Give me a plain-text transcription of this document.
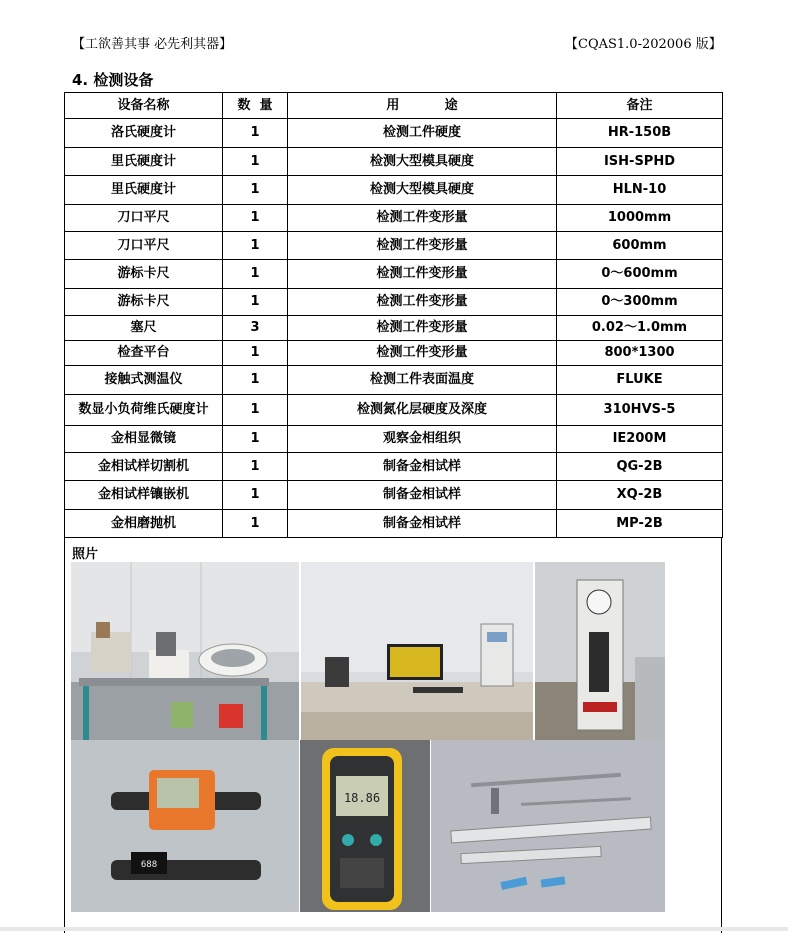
【工欲善其事 必先利其器】	【CQAS1.0-202006 版】
4. 检测设备
设备名称	数  量	用          途	备注
洛氏硬度计	1	检测工件硬度	HR-150B
里氏硬度计	1	检测大型模具硬度	ISH-SPHD
里氏硬度计	1	检测大型模具硬度	HLN-10
刀口平尺	1	检测工件变形量	1000mm
刀口平尺	1	检测工件变形量	600mm
游标卡尺	1	检测工件变形量	0～600mm
游标卡尺	1	检测工件变形量	0～300mm
塞尺	3	检测工件变形量	0.02～1.0mm
检查平台	1	检测工件变形量	800*1300
接触式测温仪	1	检测工件表面温度	FLUKE
数显小负荷维氏硬度计	1	检测氮化层硬度及深度	310HVS-5
金相显微镜	1	观察金相组织	IE200M
金相试样切割机	1	制备金相试样	QG-2B
金相试样镶嵌机	1	制备金相试样	XQ-2B
金相磨抛机	1	制备金相试样	MP-2B
照片
688
18.86
